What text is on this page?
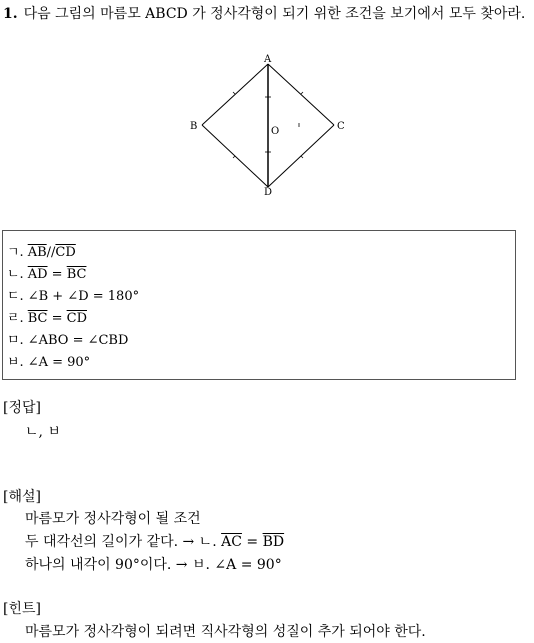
1. 다음 그림의 마름모 ABCD 가 정사각형이 되기 위한 조건을 보기에서 모두 찾아라.
A
B	C
D
O
ㄱ. $\overline{AB}//\overline{CD}$
ㄴ. $\overline{AD} = \overline{BC}$
ㄷ. ∠B + ∠D = 180°
ㄹ. $\overline{BC} = \overline{CD}$
ㅁ. ∠ABO = ∠CBD
ㅂ. ∠A = 90°
[정답]
ㄴ, ㅂ
[해설]
마름모가 정사각형이 될 조건
두 대각선의 길이가 같다. → ㄴ. $\overline{AC} = \overline{BD}$
하나의 내각이 90°이다. → ㅂ. ∠A = 90°
[힌트]
마름모가 정사각형이 되려면 직사각형의 성질이 추가 되어야 한다.
